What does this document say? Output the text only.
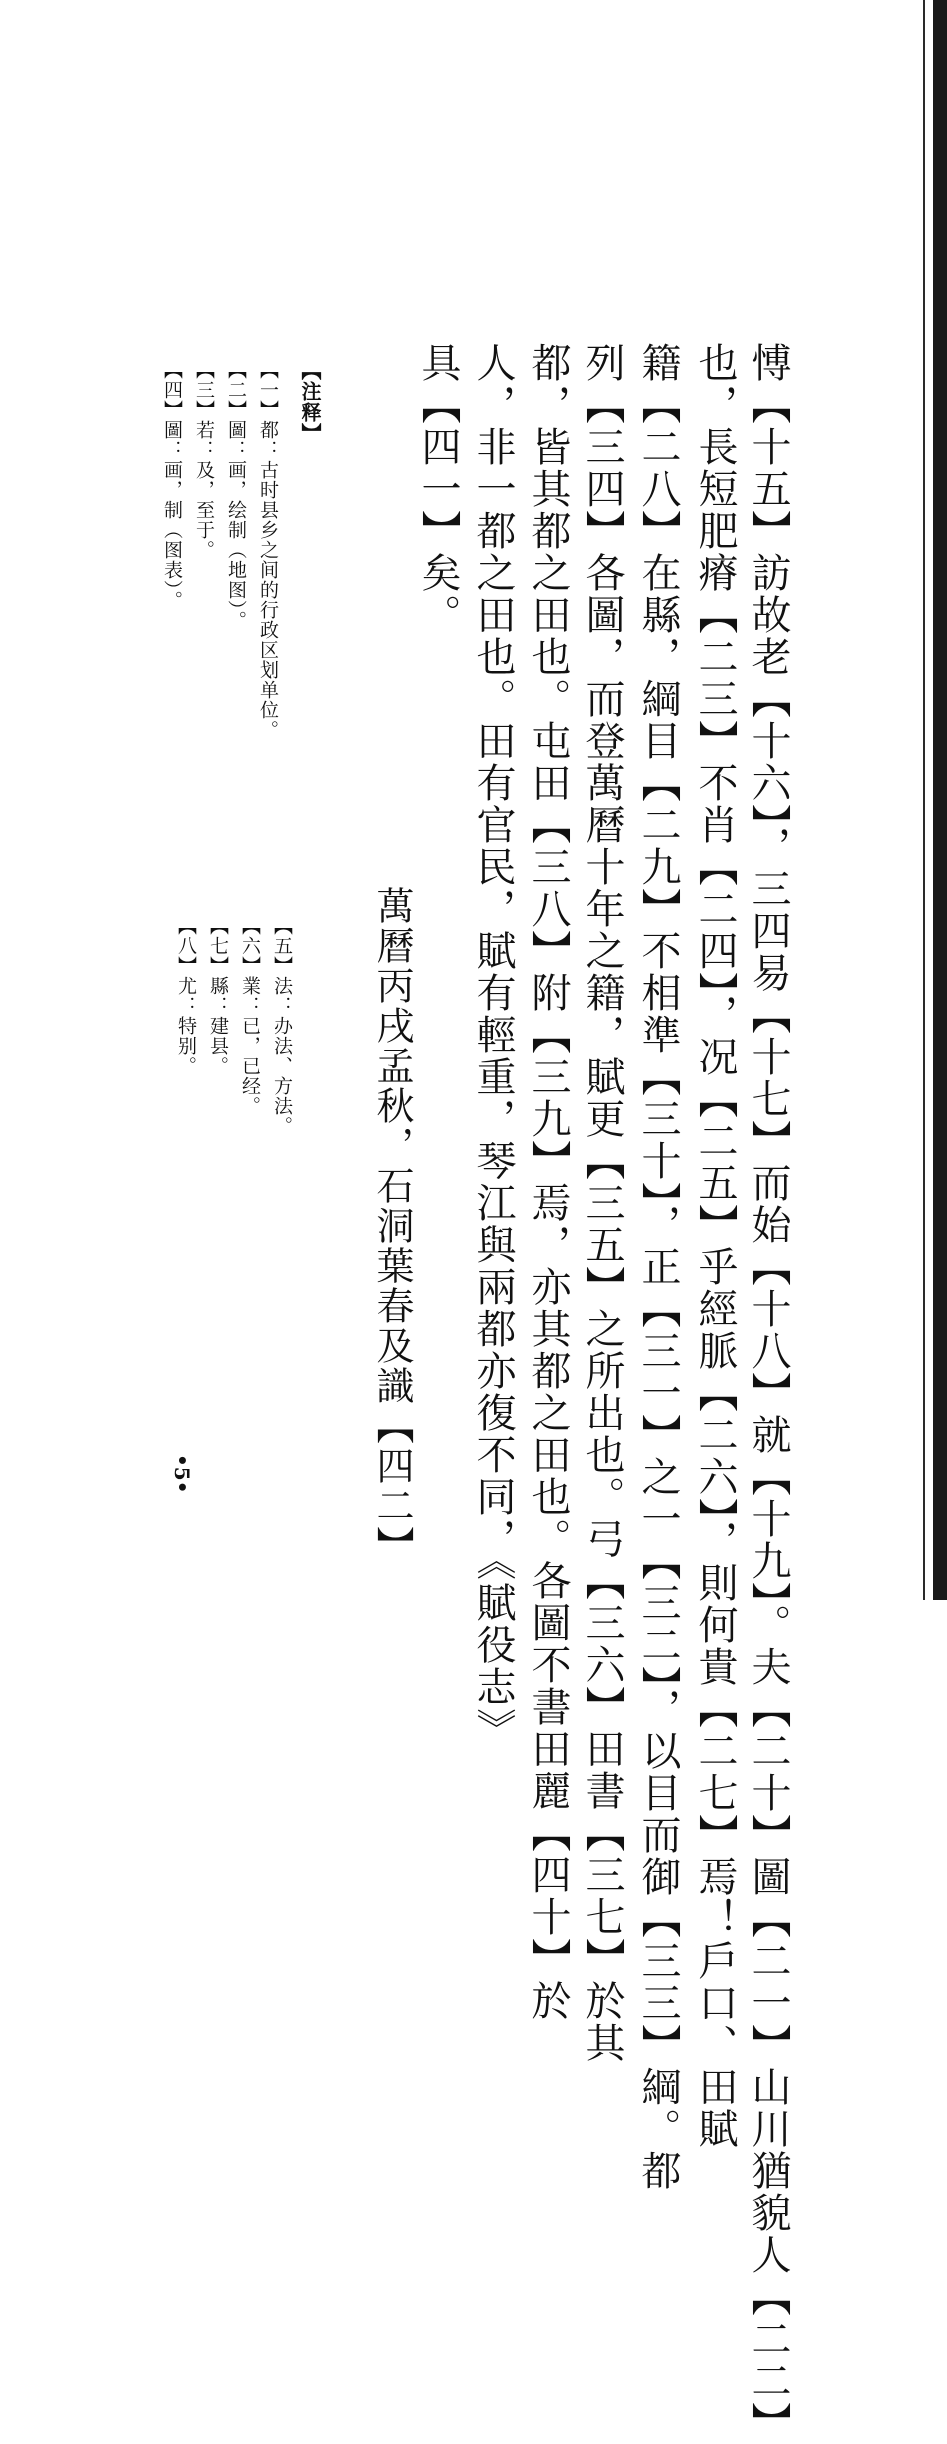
愽【十五】訪故老【十六】，三四易【十七】而始【十八】就【十九】。夫【二十】圖【二一】山川猶貌人【二二】
也，長短肥瘠【二三】不肖【二四】，况【二五】乎經脈【二六】，則何貴【二七】焉！戶口、田賦
籍【二八】在縣，綱目【二九】不相準【三十】，正【三一】之一【三二】，以目而御【三三】綱。都
列【三四】各圖，而登萬曆十年之籍，賦更【三五】之所出也。弓【三六】田書【三七】於其
都，皆其都之田也。屯田【三八】附【三九】焉，亦其都之田也。各圖不書田麗【四十】於
人，非一都之田也。田有官民，賦有輕重，琴江與兩都亦復不同，《賦役志》
具【四一】矣。
萬曆丙戌孟秋，石洞葉春及識【四二】
【注释】
【一】都：古时县乡之间的行政区划单位。
【二】圖：画，绘制（地图）。
【三】若：及，至于。
【四】圖：画，制（图表）。
【五】法：办法、方法。
【六】業：已，已经。
【七】縣：建县。
【八】尤：特别。
•5•
